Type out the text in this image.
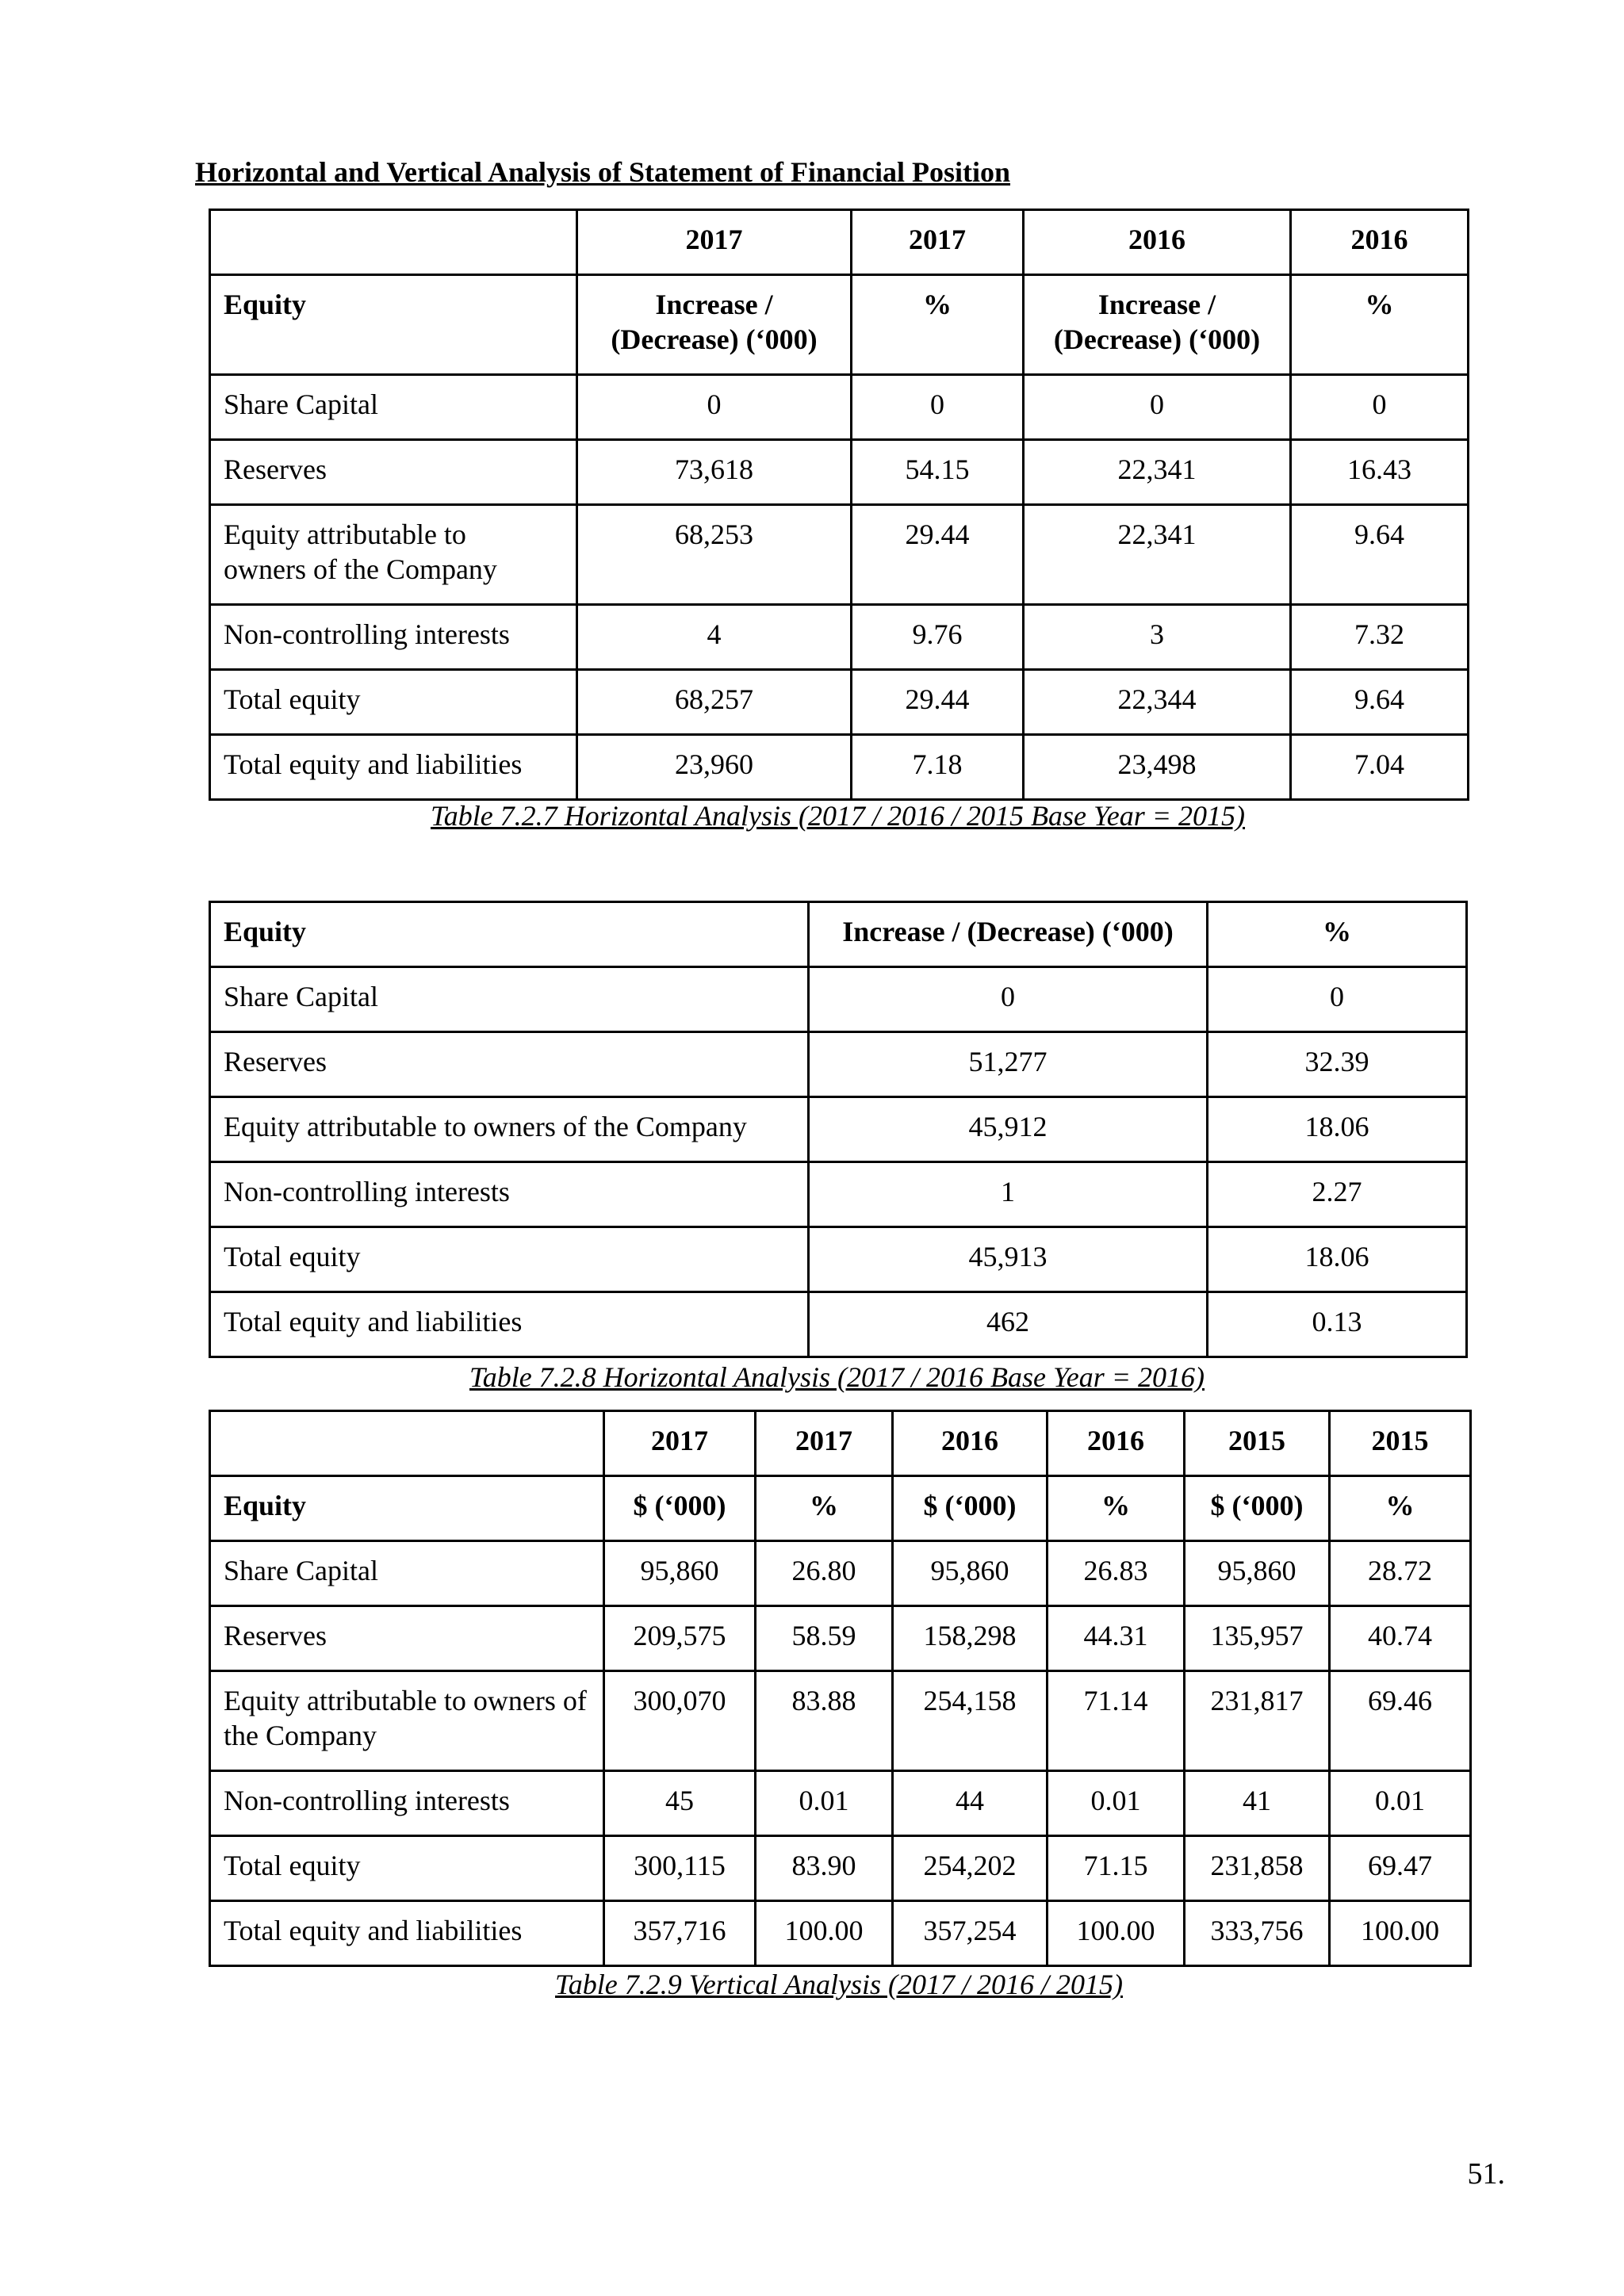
Horizontal and Vertical Analysis of Statement of Financial Position
	2017	2017	2016	2016
Equity	Increase / (Decrease) (‘000)	%	Increase / (Decrease) (‘000)	%
Share Capital	0	0	0	0
Reserves	73,618	54.15	22,341	16.43
Equity attributable to owners of the Company	68,253	29.44	22,341	9.64
Non-controlling interests	4	9.76	3	7.32
Total equity	68,257	29.44	22,344	9.64
Total equity and liabilities	23,960	7.18	23,498	7.04
Table 7.2.7 Horizontal Analysis (2017 / 2016 / 2015 Base Year = 2015)
Equity	Increase / (Decrease) (‘000)	%
Share Capital	0	0
Reserves	51,277	32.39
Equity attributable to owners of the Company	45,912	18.06
Non-controlling interests	1	2.27
Total equity	45,913	18.06
Total equity and liabilities	462	0.13
Table 7.2.8 Horizontal Analysis (2017 / 2016 Base Year = 2016)
	2017	2017	2016	2016	2015	2015
Equity	$ (‘000)	%	$ (‘000)	%	$ (‘000)	%
Share Capital	95,860	26.80	95,860	26.83	95,860	28.72
Reserves	209,575	58.59	158,298	44.31	135,957	40.74
Equity attributable to owners of the Company	300,070	83.88	254,158	71.14	231,817	69.46
Non-controlling interests	45	0.01	44	0.01	41	0.01
Total equity	300,115	83.90	254,202	71.15	231,858	69.47
Total equity and liabilities	357,716	100.00	357,254	100.00	333,756	100.00
Table 7.2.9 Vertical Analysis (2017 / 2016 / 2015)
51.
